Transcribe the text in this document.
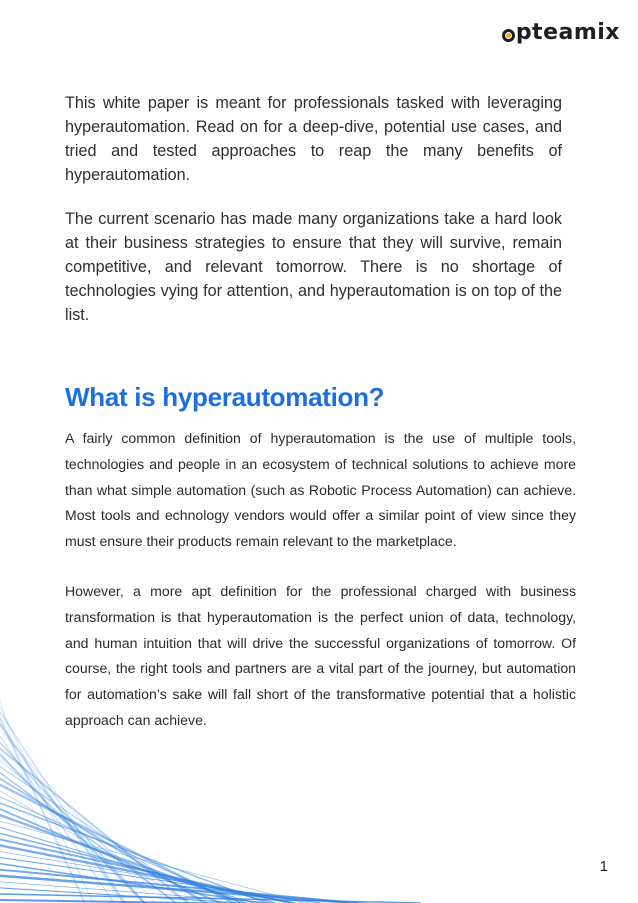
pteamix

This white paper is meant for professionals tasked with leveraging hyperautomation. Read on for a deep-dive, potential use cases, and tried and tested approaches to reap the many benefits of hyperautomation.

The current scenario has made many organizations take a hard look at their business strategies to ensure that they will survive, remain competitive, and relevant tomorrow. There is no shortage of technologies vying for attention, and hyperautomation is on top of the list.

What is hyperautomation?

A fairly common definition of hyperautomation is the use of multiple tools, technologies and people in an ecosystem of technical solutions to achieve more than what simple automation (such as Robotic Process Automation) can achieve. Most tools and echnology vendors would offer a similar point of view since they must ensure their products remain relevant to the marketplace.

However, a more apt definition for the professional charged with business transformation is that hyperautomation is the perfect union of data, technology, and human intuition that will drive the successful organizations of tomorrow. Of course, the right tools and partners are a vital part of the journey, but automation for automation’s sake will fall short of the transformative potential that a holistic approach can achieve.

1
